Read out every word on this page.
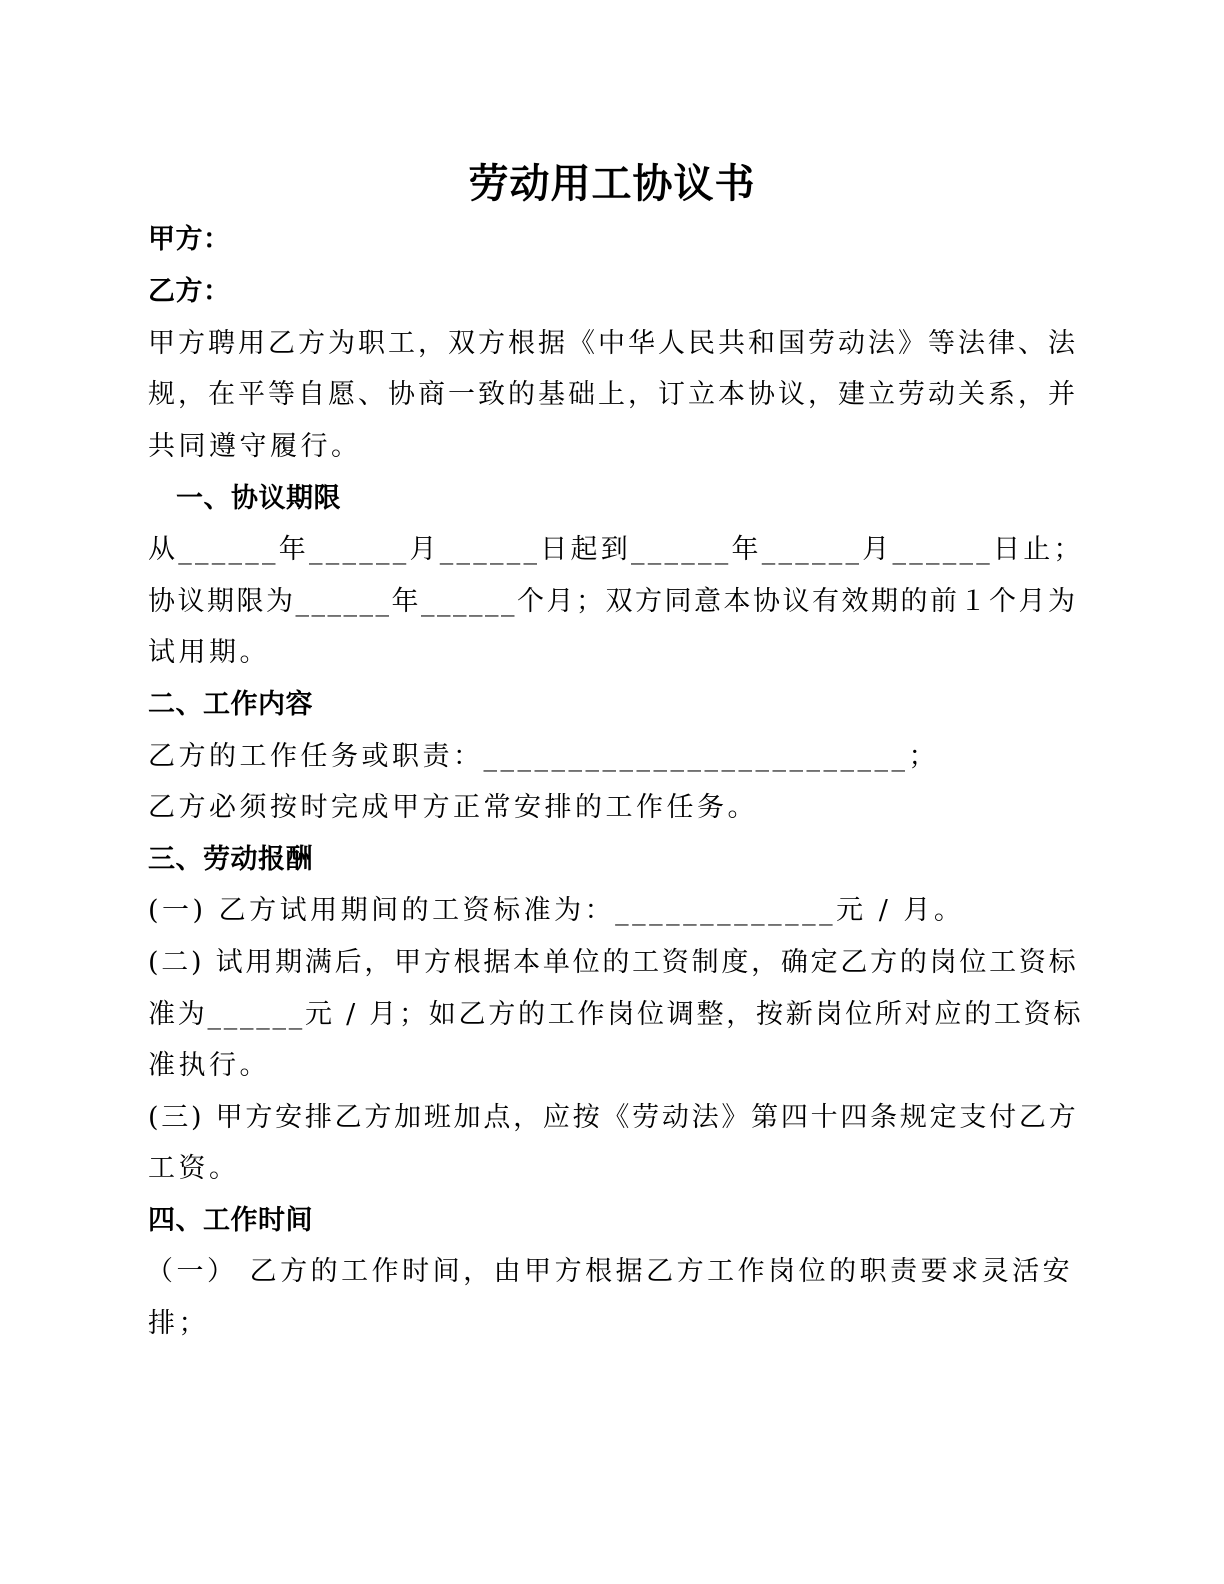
劳动用工协议书
甲方：
乙方：
甲方聘用乙方为职工，双方根据《中华人民共和国劳动法》等法律、法
规，在平等自愿、协商一致的基础上，订立本协议，建立劳动关系，并
共同遵守履行。
一、协议期限
从______年______月______日起到______年______月______日止；
协议期限为______年______个月；双方同意本协议有效期的前１个月为
试用期。
二、工作内容
乙方的工作任务或职责：_________________________；
乙方必须按时完成甲方正常安排的工作任务。
三、劳动报酬
(一) 乙方试用期间的工资标准为：_____________元 / 月。
(二) 试用期满后，甲方根据本单位的工资制度，确定乙方的岗位工资标
准为______元 / 月；如乙方的工作岗位调整，按新岗位所对应的工资标
准执行。
(三) 甲方安排乙方加班加点，应按《劳动法》第四十四条规定支付乙方
工资。
四、工作时间
（一） 乙方的工作时间，由甲方根据乙方工作岗位的职责要求灵活安
排；
